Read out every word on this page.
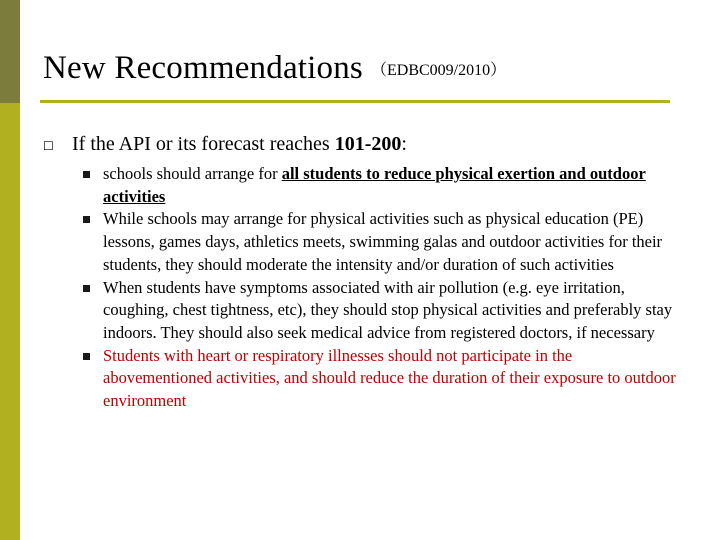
New Recommendations （EDBC009/2010）
☐ If the API or its forecast reaches 101-200:
schools should arrange for all students to reduce physical exertion and outdoor activities
While schools may arrange for physical activities such as physical education (PE) lessons, games days, athletics meets, swimming galas and outdoor activities for their students, they should moderate the intensity and/or duration of such activities
When students have symptoms associated with air pollution (e.g. eye irritation, coughing, chest tightness, etc), they should stop physical activities and preferably stay indoors. They should also seek medical advice from registered doctors, if necessary
Students with heart or respiratory illnesses should not participate in the abovementioned activities, and should reduce the duration of their exposure to outdoor environment
